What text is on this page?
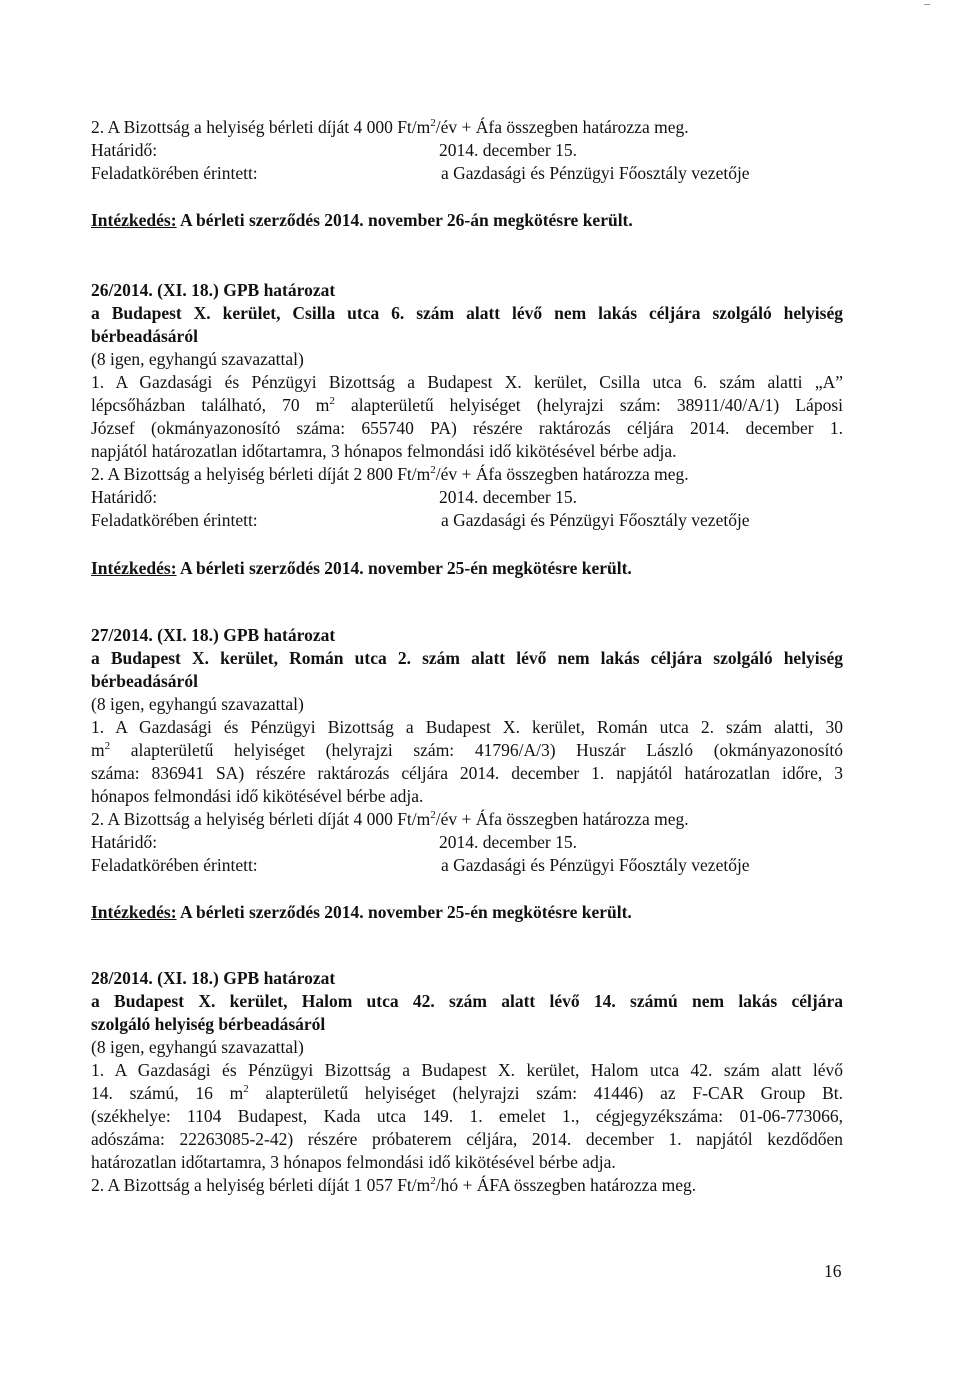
2. A Bizottság a helyiség bérleti díját 4 000 $Ft/m^2/év$ + Áfa összegben határozza meg.

Határidő:	2014. december 15.

Feladatkörében érintett:	a Gazdasági és Pénzügyi Főosztály vezetője

Intézkedés: A bérleti szerződés 2014. november 26-án megkötésre került.

26/2014. (XI. 18.) GPB határozat

a Budapest X. kerület, Csilla utca 6. szám alatt lévő nem lakás céljára szolgáló helyiség

bérbeadásáról

(8 igen, egyhangú szavazattal)

1. A Gazdasági és Pénzügyi Bizottság a Budapest X. kerület, Csilla utca 6. szám alatti „A”

lépcsőházban található, 70 $m^2$ alapterületű helyiséget (helyrajzi szám: 38911/40/A/1) Láposi

József (okmányazonosító száma: 655740 PA) részére raktározás céljára 2014. december 1.

napjától határozatlan időtartamra, 3 hónapos felmondási idő kikötésével bérbe adja.

2. A Bizottság a helyiség bérleti díját 2 800 $Ft/m^2/év$ + Áfa összegben határozza meg.

Határidő:	2014. december 15.

Feladatkörében érintett:	a Gazdasági és Pénzügyi Főosztály vezetője

Intézkedés: A bérleti szerződés 2014. november 25-én megkötésre került.

27/2014. (XI. 18.) GPB határozat

a Budapest X. kerület, Román utca 2. szám alatt lévő nem lakás céljára szolgáló helyiség

bérbeadásáról

(8 igen, egyhangú szavazattal)

1. A Gazdasági és Pénzügyi Bizottság a Budapest X. kerület, Román utca 2. szám alatti, 30

$m^2$ alapterületű helyiséget (helyrajzi szám: 41796/A/3) Huszár László (okmányazonosító

száma: 836941 SA) részére raktározás céljára 2014. december 1. napjától határozatlan időre, 3

hónapos felmondási idő kikötésével bérbe adja.

2. A Bizottság a helyiség bérleti díját 4 000 $Ft/m^2/év$ + Áfa összegben határozza meg.

Határidő:	2014. december 15.

Feladatkörében érintett:	a Gazdasági és Pénzügyi Főosztály vezetője

Intézkedés: A bérleti szerződés 2014. november 25-én megkötésre került.

28/2014. (XI. 18.) GPB határozat

a Budapest X. kerület, Halom utca 42. szám alatt lévő 14. számú nem lakás céljára

szolgáló helyiség bérbeadásáról

(8 igen, egyhangú szavazattal)

1. A Gazdasági és Pénzügyi Bizottság a Budapest X. kerület, Halom utca 42. szám alatt lévő

14. számú, 16 $m^2$ alapterületű helyiséget (helyrajzi szám: 41446) az F-CAR Group Bt.

(székhelye: 1104 Budapest, Kada utca 149. 1. emelet 1., cégjegyzékszáma: 01-06-773066,

adószáma: 22263085-2-42) részére próbaterem céljára, 2014. december 1. napjától kezdődően

határozatlan időtartamra, 3 hónapos felmondási idő kikötésével bérbe adja.

2. A Bizottság a helyiség bérleti díját 1 057 $Ft/m^2/hó$ + ÁFA összegben határozza meg.

16
